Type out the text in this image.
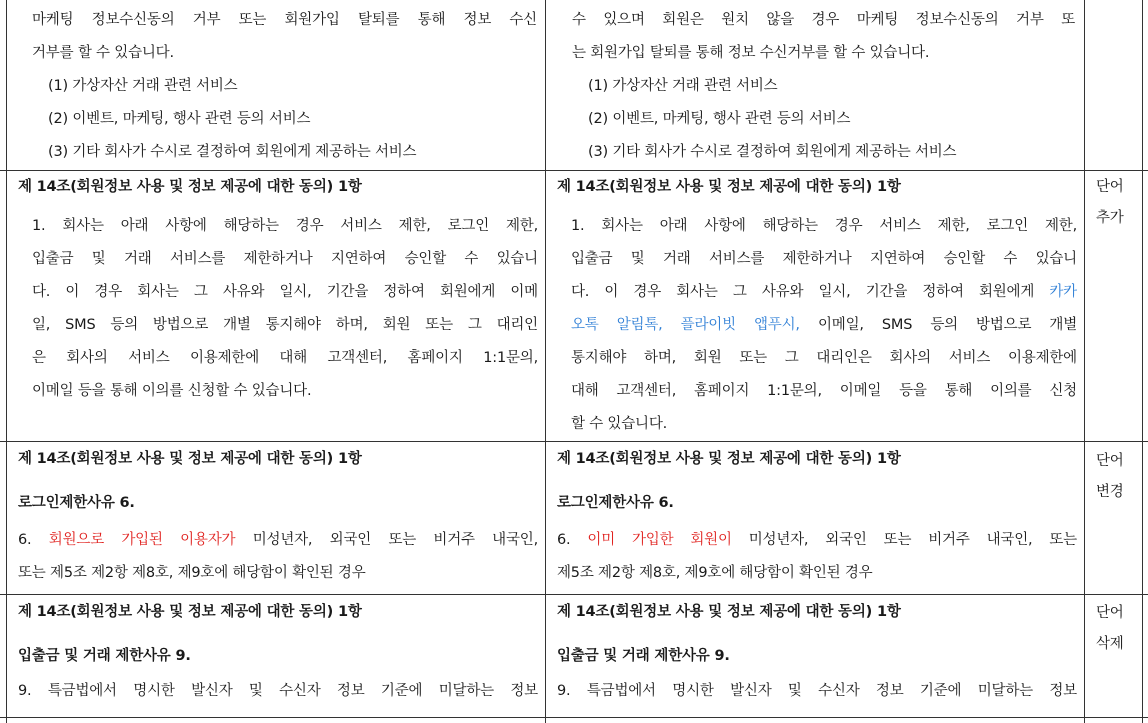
마케팅 정보수신동의 거부 또는 회원가입 탈퇴를 통해 정보 수신
거부를 할 수 있습니다.
(1) 가상자산 거래 관련 서비스
(2) 이벤트, 마케팅, 행사 관련 등의 서비스
(3) 기타 회사가 수시로 결정하여 회원에게 제공하는 서비스
수 있으며 회원은 원치 않을 경우 마케팅 정보수신동의 거부 또
는 회원가입 탈퇴를 통해 정보 수신거부를 할 수 있습니다.
(1) 가상자산 거래 관련 서비스
(2) 이벤트, 마케팅, 행사 관련 등의 서비스
(3) 기타 회사가 수시로 결정하여 회원에게 제공하는 서비스
제 14조(회원정보 사용 및 정보 제공에 대한 동의) 1항
1. 회사는 아래 사항에 해당하는 경우 서비스 제한, 로그인 제한,
입출금 및 거래 서비스를 제한하거나 지연하여 승인할 수 있습니
다. 이 경우 회사는 그 사유와 일시, 기간을 정하여 회원에게 이메
일, SMS 등의 방법으로 개별 통지해야 하며, 회원 또는 그 대리인
은 회사의 서비스 이용제한에 대해 고객센터, 홈페이지 1:1문의,
이메일 등을 통해 이의를 신청할 수 있습니다.
제 14조(회원정보 사용 및 정보 제공에 대한 동의) 1항
1. 회사는 아래 사항에 해당하는 경우 서비스 제한, 로그인 제한,
입출금 및 거래 서비스를 제한하거나 지연하여 승인할 수 있습니
다. 이 경우 회사는 그 사유와 일시, 기간을 정하여 회원에게 카카
오톡 알림톡, 플라이빗 앱푸시, 이메일, SMS 등의 방법으로 개별
통지해야 하며, 회원 또는 그 대리인은 회사의 서비스 이용제한에
대해 고객센터, 홈페이지 1:1문의, 이메일 등을 통해 이의를 신청
할 수 있습니다.
단어
추가
제 14조(회원정보 사용 및 정보 제공에 대한 동의) 1항
로그인제한사유 6.
6. 회원으로 가입된 이용자가 미성년자, 외국인 또는 비거주 내국인,
또는 제5조 제2항 제8호, 제9호에 해당함이 확인된 경우
제 14조(회원정보 사용 및 정보 제공에 대한 동의) 1항
로그인제한사유 6.
6. 이미 가입한 회원이 미성년자, 외국인 또는 비거주 내국인, 또는
제5조 제2항 제8호, 제9호에 해당함이 확인된 경우
단어
변경
제 14조(회원정보 사용 및 정보 제공에 대한 동의) 1항
입출금 및 거래 제한사유 9.
9. 특금법에서 명시한 발신자 및 수신자 정보 기준에 미달하는 정보
제 14조(회원정보 사용 및 정보 제공에 대한 동의) 1항
입출금 및 거래 제한사유 9.
9. 특금법에서 명시한 발신자 및 수신자 정보 기준에 미달하는 정보
단어
삭제
